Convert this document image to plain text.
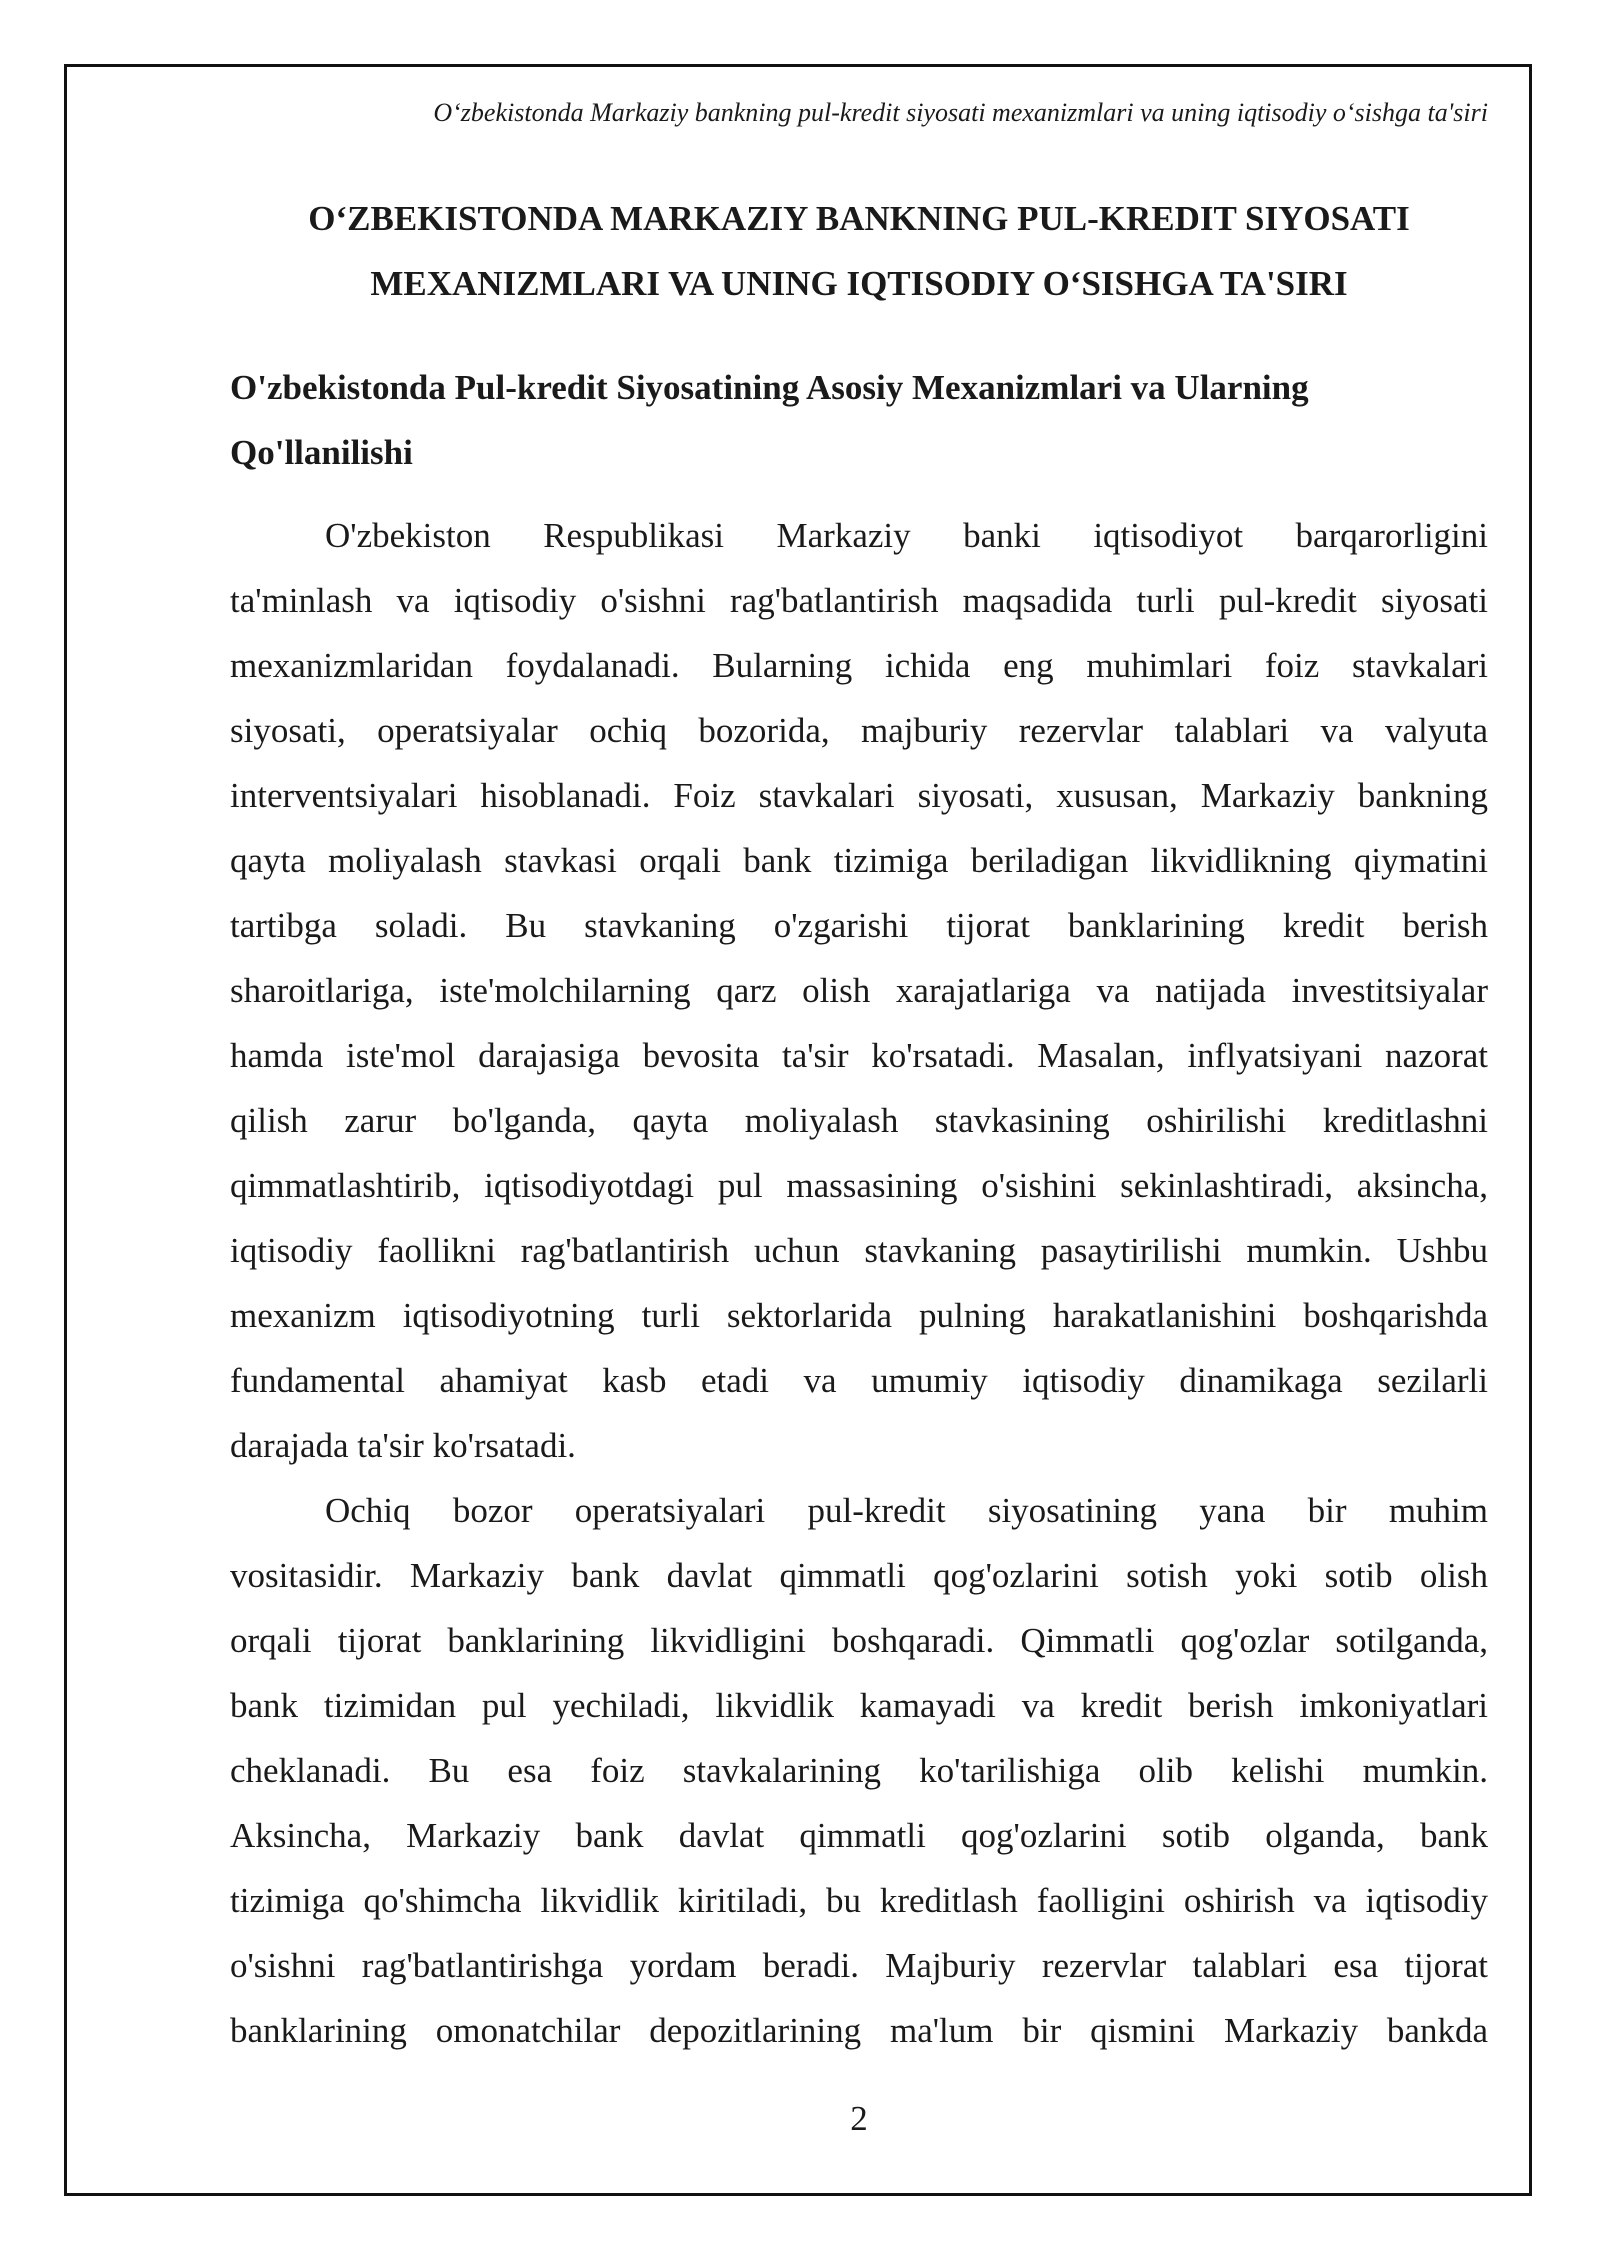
O‘zbekistonda Markaziy bankning pul-kredit siyosati mexanizmlari va uning iqtisodiy o‘sishga ta'siri
O‘ZBEKISTONDA MARKAZIY BANKNING PUL-KREDIT SIYOSATI
MEXANIZMLARI VA UNING IQTISODIY O‘SISHGA TA'SIRI
O'zbekistonda Pul-kredit Siyosatining Asosiy Mexanizmlari va Ularning
Qo'llanilishi
O'zbekiston Respublikasi Markaziy banki iqtisodiyot barqarorligini
ta'minlash va iqtisodiy o'sishni rag'batlantirish maqsadida turli pul-kredit siyosati
mexanizmlaridan foydalanadi. Bularning ichida eng muhimlari foiz stavkalari
siyosati, operatsiyalar ochiq bozorida, majburiy rezervlar talablari va valyuta
interventsiyalari hisoblanadi. Foiz stavkalari siyosati, xususan, Markaziy bankning
qayta moliyalash stavkasi orqali bank tizimiga beriladigan likvidlikning qiymatini
tartibga soladi. Bu stavkaning o'zgarishi tijorat banklarining kredit berish
sharoitlariga, iste'molchilarning qarz olish xarajatlariga va natijada investitsiyalar
hamda iste'mol darajasiga bevosita ta'sir ko'rsatadi. Masalan, inflyatsiyani nazorat
qilish zarur bo'lganda, qayta moliyalash stavkasining oshirilishi kreditlashni
qimmatlashtirib, iqtisodiyotdagi pul massasining o'sishini sekinlashtiradi, aksincha,
iqtisodiy faollikni rag'batlantirish uchun stavkaning pasaytirilishi mumkin. Ushbu
mexanizm iqtisodiyotning turli sektorlarida pulning harakatlanishini boshqarishda
fundamental ahamiyat kasb etadi va umumiy iqtisodiy dinamikaga sezilarli
darajada ta'sir ko'rsatadi.
Ochiq bozor operatsiyalari pul-kredit siyosatining yana bir muhim
vositasidir. Markaziy bank davlat qimmatli qog'ozlarini sotish yoki sotib olish
orqali tijorat banklarining likvidligini boshqaradi. Qimmatli qog'ozlar sotilganda,
bank tizimidan pul yechiladi, likvidlik kamayadi va kredit berish imkoniyatlari
cheklanadi. Bu esa foiz stavkalarining ko'tarilishiga olib kelishi mumkin.
Aksincha, Markaziy bank davlat qimmatli qog'ozlarini sotib olganda, bank
tizimiga qo'shimcha likvidlik kiritiladi, bu kreditlash faolligini oshirish va iqtisodiy
o'sishni rag'batlantirishga yordam beradi. Majburiy rezervlar talablari esa tijorat
banklarining omonatchilar depozitlarining ma'lum bir qismini Markaziy bankda
2
